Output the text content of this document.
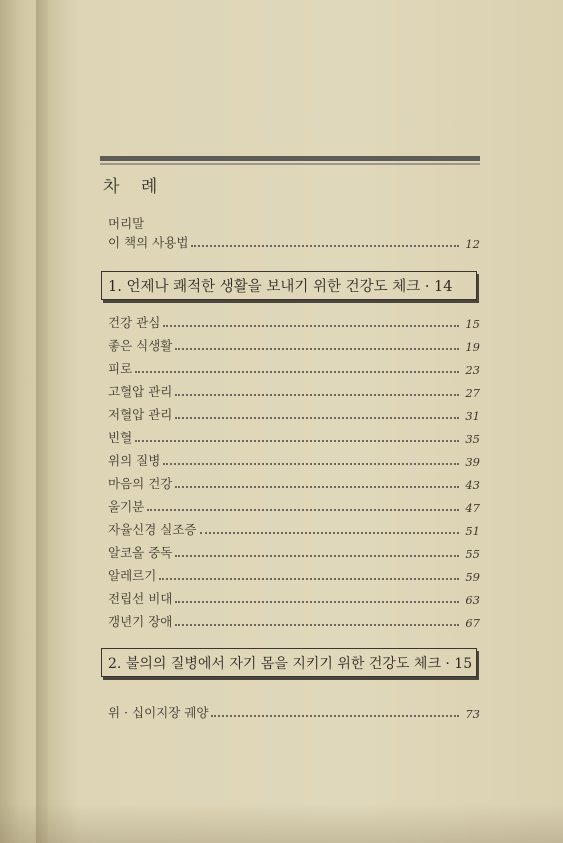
차 례
머리말
이 책의 사용법	12
1. 언제나 쾌적한 생활을 보내기 위한 건강도 체크 · 14
건강 관심	15
좋은 식생활	19
피로	23
고혈압 관리	27
저혈압 관리	31
빈혈	35
위의 질병	39
마음의 건강	43
울기분	47
자율신경 실조증	51
알코올 중독	55
알레르기	59
전립선 비대	63
갱년기 장애	67
2. 불의의 질병에서 자기 몸을 지키기 위한 건강도 체크 · 15
위 · 십이지장 궤양	73
